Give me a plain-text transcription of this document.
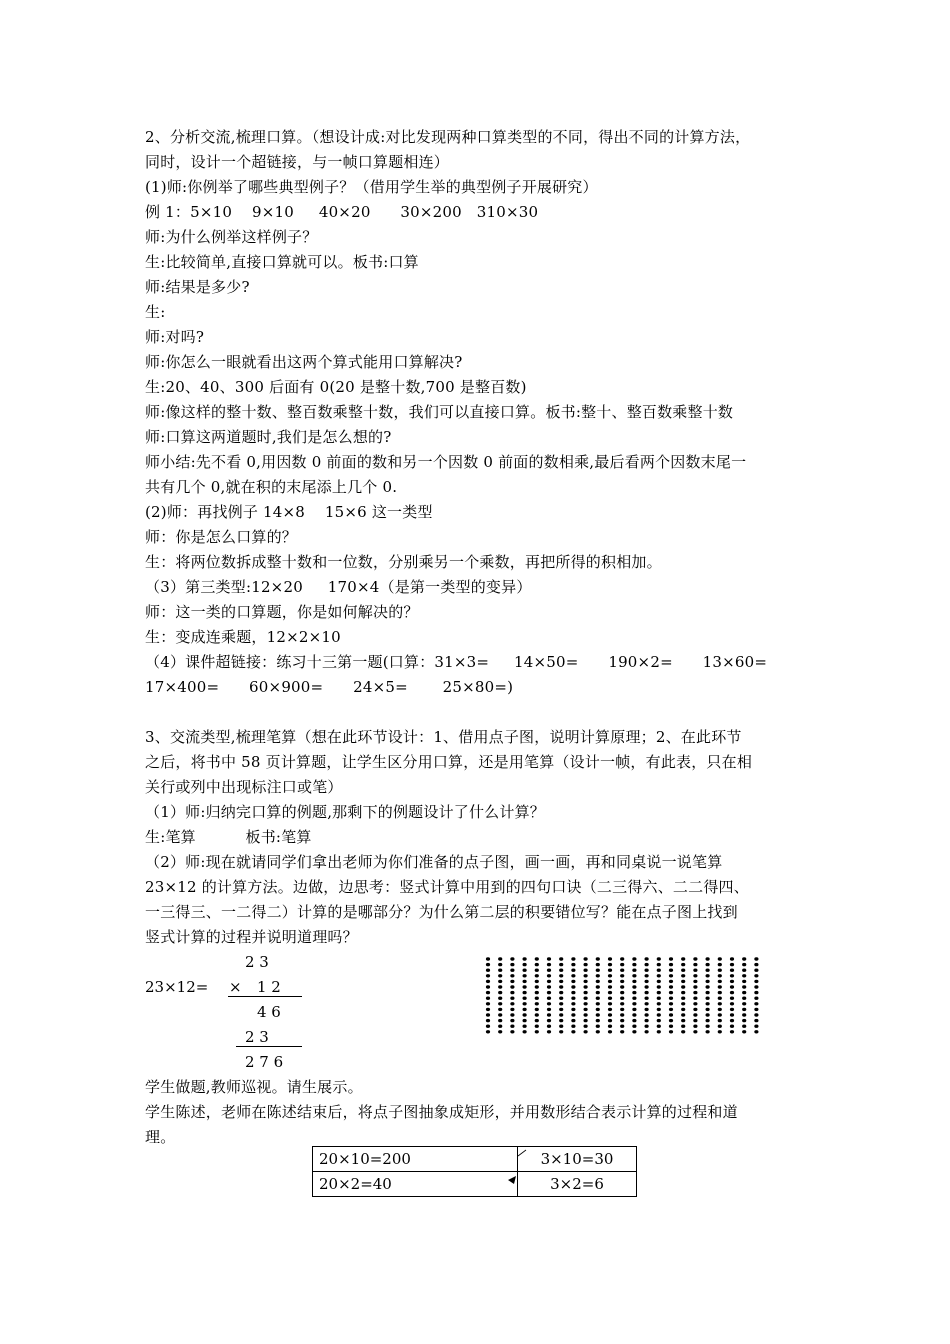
2、分析交流,梳理口算。（想设计成:对比发现两种口算类型的不同，得出不同的计算方法，
同时，设计一个超链接，与一帧口算题相连）
(1)师:你例举了哪些典型例子？（借用学生举的典型例子开展研究）
例 1：5×10    9×10     40×20      30×200   310×30
师:为什么例举这样例子？
生:比较简单,直接口算就可以。板书:口算
师:结果是多少?
生:
师:对吗?
师:你怎么一眼就看出这两个算式能用口算解决?
生:20、40、300 后面有 0(20 是整十数,700 是整百数)
师:像这样的整十数、整百数乘整十数，我们可以直接口算。板书:整十、整百数乘整十数
师:口算这两道题时,我们是怎么想的?
师小结:先不看 0,用因数 0 前面的数和另一个因数 0 前面的数相乘,最后看两个因数末尾一
共有几个 0,就在积的末尾添上几个 0.
(2)师：再找例子 14×8    15×6 这一类型
师：你是怎么口算的？
生：将两位数拆成整十数和一位数，分别乘另一个乘数，再把所得的积相加。
（3）第三类型:12×20     170×4（是第一类型的变异）
师：这一类的口算题，你是如何解决的？
生：变成连乘题，12×2×10
（4）课件超链接：练习十三第一题(口算：31×3=     14×50=      190×2=      13×60=
17×400=      60×900=      24×5=       25×80=)
3、交流类型,梳理笔算（想在此环节设计：1、借用点子图，说明计算原理；2、在此环节
之后，将书中 58 页计算题，让学生区分用口算，还是用笔算（设计一帧，有此表，只在相
关行或列中出现标注口或笔）
（1）师:归纳完口算的例题,那剩下的例题设计了什么计算？
生:笔算          板书:笔算
（2）师:现在就请同学们拿出老师为你们准备的点子图，画一画，再和同桌说一说笔算
23×12 的计算方法。边做，边思考：竖式计算中用到的四句口诀（二三得六、二二得四、
一三得三、一二得二）计算的是哪部分？为什么第二层的积要错位写？能在点子图上找到
竖式计算的过程并说明道理吗？
2 3
23×12= × 1 2
4 6
2 3
2 7 6
学生做题,教师巡视。请生展示。
学生陈述，老师在陈述结束后，将点子图抽象成矩形，并用数形结合表示计算的过程和道
理。
20×10=200	3×10=30
20×2=40	3×2=6
